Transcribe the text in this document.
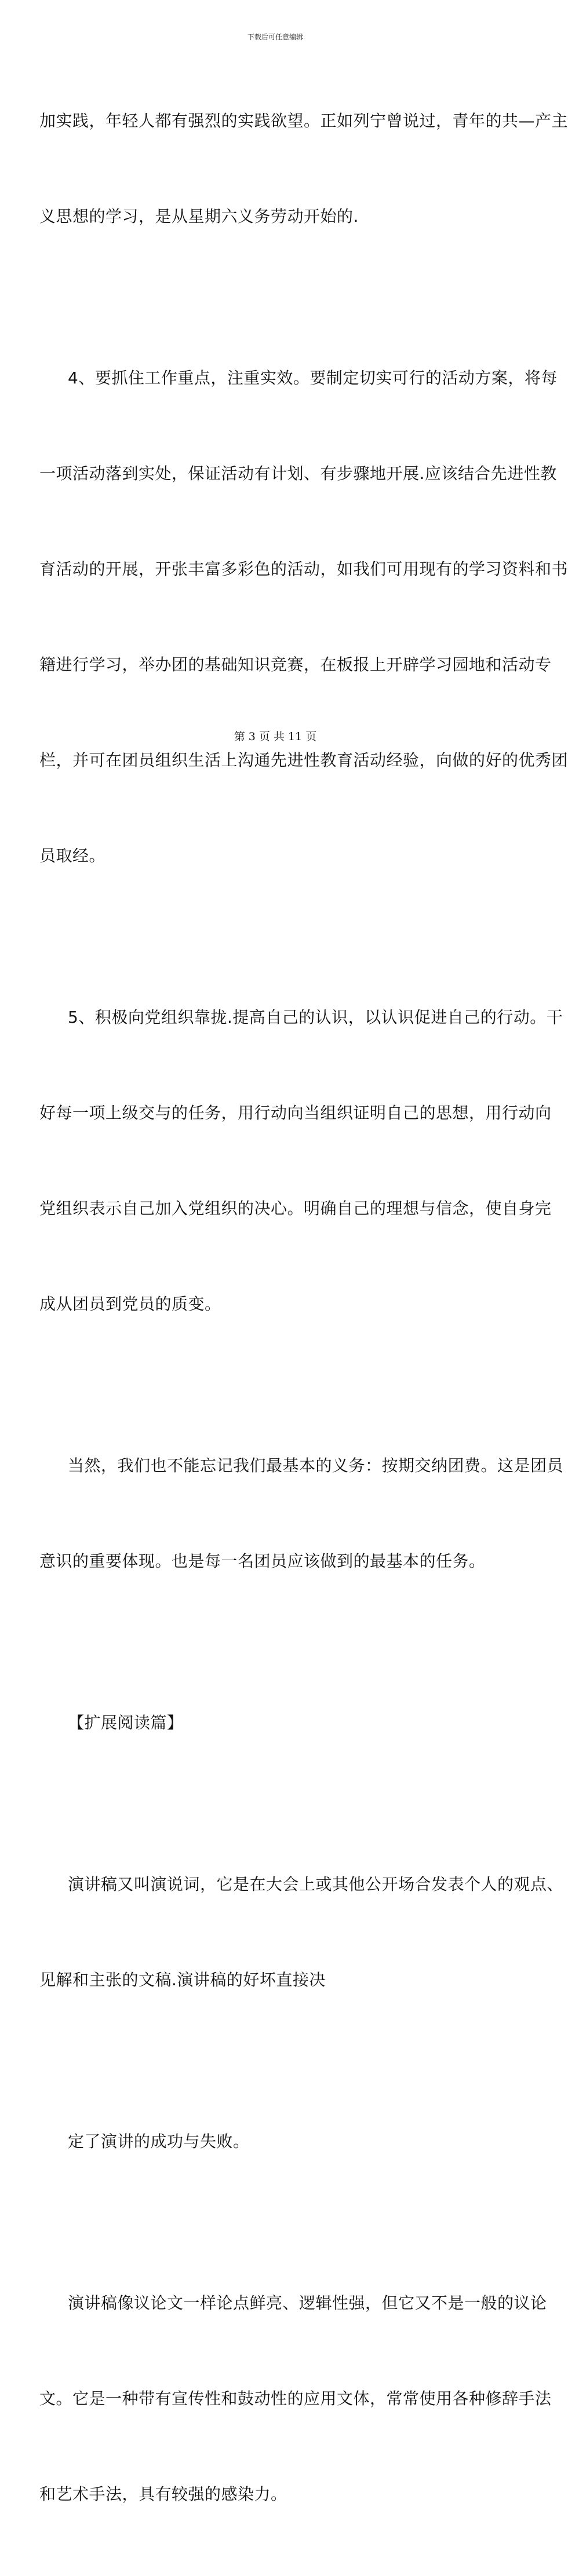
下载后可任意编辑

加实践，年轻人都有强烈的实践欲望。正如列宁曾说过，青年的共—产主

义思想的学习，是从星期六义务劳动开始的.

4、要抓住工作重点，注重实效。要制定切实可行的活动方案，将每

一项活动落到实处，保证活动有计划、有步骤地开展.应该结合先进性教

育活动的开展，开张丰富多彩色的活动，如我们可用现有的学习资料和书

籍进行学习，举办团的基础知识竞赛，在板报上开辟学习园地和活动专

栏，并可在团员组织生活上沟通先进性教育活动经验，向做的好的优秀团

员取经。

5、积极向党组织靠拢.提高自己的认识，以认识促进自己的行动。干

好每一项上级交与的任务，用行动向当组织证明自己的思想，用行动向

党组织表示自己加入党组织的决心。明确自己的理想与信念，使自身完

成从团员到党员的质变。

当然，我们也不能忘记我们最基本的义务：按期交纳团费。这是团员

意识的重要体现。也是每一名团员应该做到的最基本的任务。

【扩展阅读篇】

演讲稿又叫演说词，它是在大会上或其他公开场合发表个人的观点、

见解和主张的文稿.演讲稿的好坏直接决

定了演讲的成功与失败。

演讲稿像议论文一样论点鲜亮、逻辑性强，但它又不是一般的议论

文。它是一种带有宣传性和鼓动性的应用文体，常常使用各种修辞手法

和艺术手法，具有较强的感染力。

第 3 页 共 11 页
